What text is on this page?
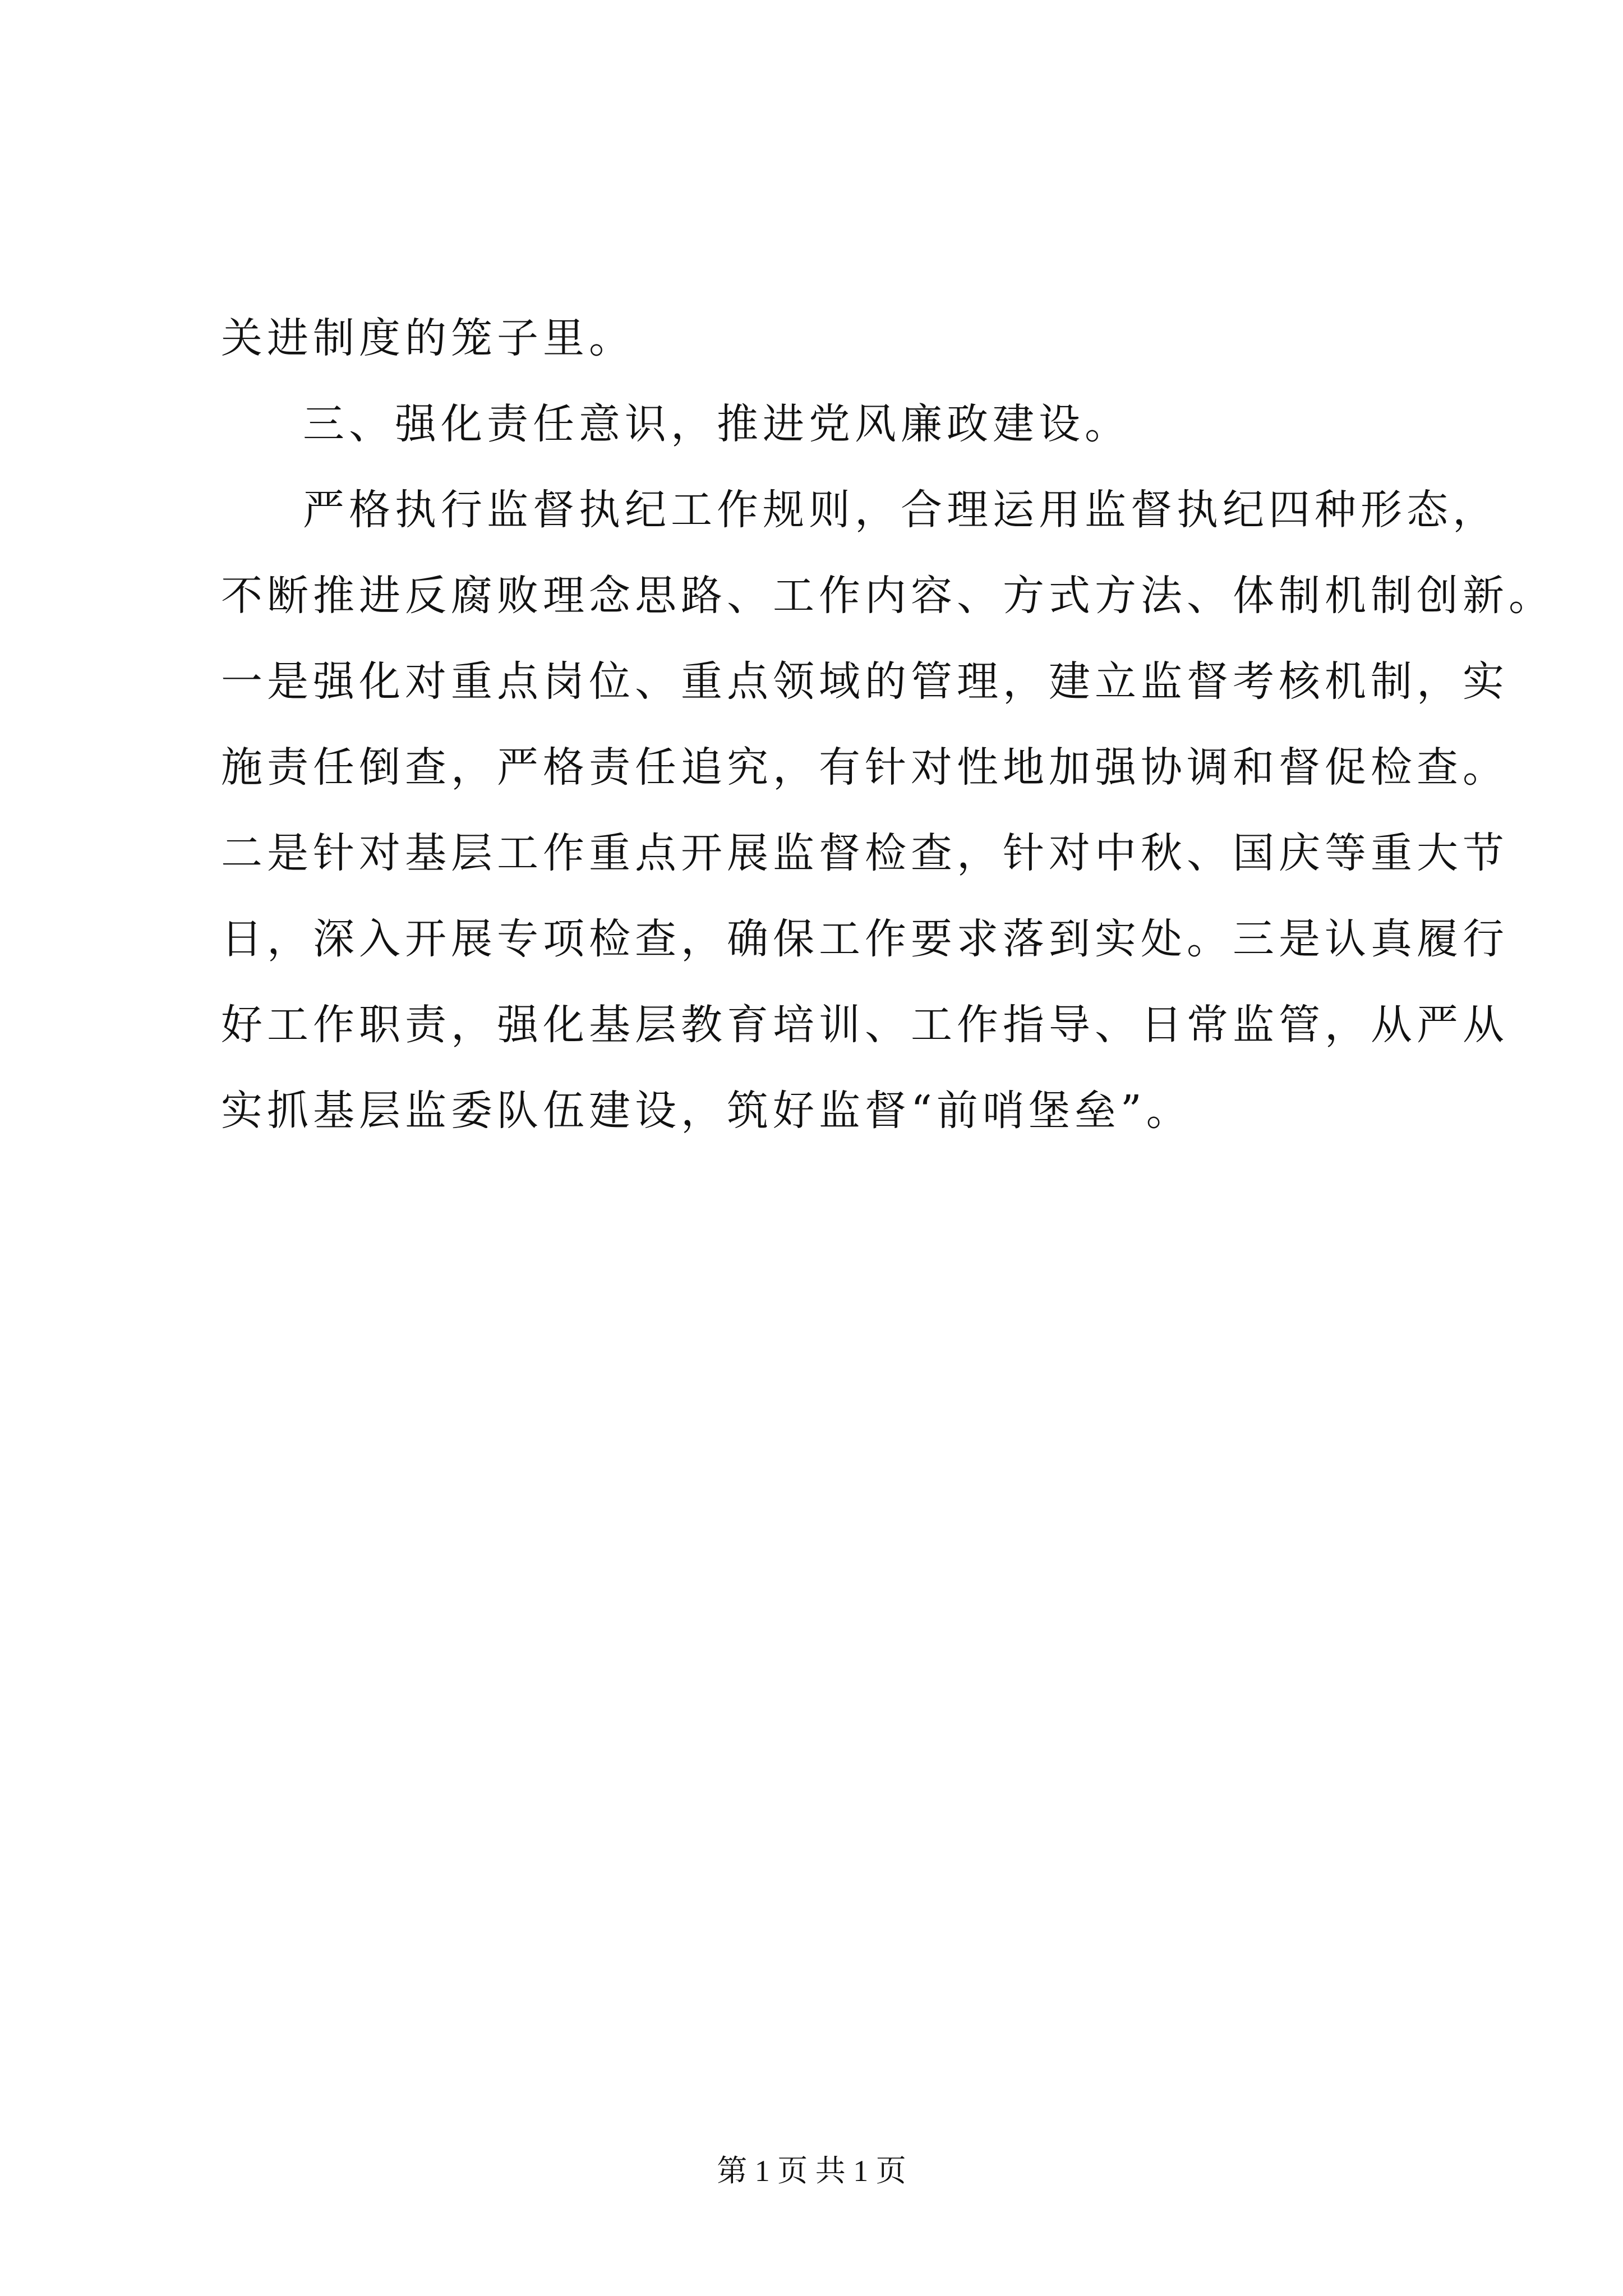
关进制度的笼子里。
三、强化责任意识，推进党风廉政建设。
严格执行监督执纪工作规则，合理运用监督执纪四种形态，
不断推进反腐败理念思路、工作内容、方式方法、体制机制创新。
一是强化对重点岗位、重点领域的管理，建立监督考核机制，实
施责任倒查，严格责任追究，有针对性地加强协调和督促检查。
二是针对基层工作重点开展监督检查，针对中秋、国庆等重大节
日，深入开展专项检查，确保工作要求落到实处。三是认真履行
好工作职责，强化基层教育培训、工作指导、日常监管，从严从
实抓基层监委队伍建设，筑好监督“前哨堡垒”。
第 1 页 共 1 页
